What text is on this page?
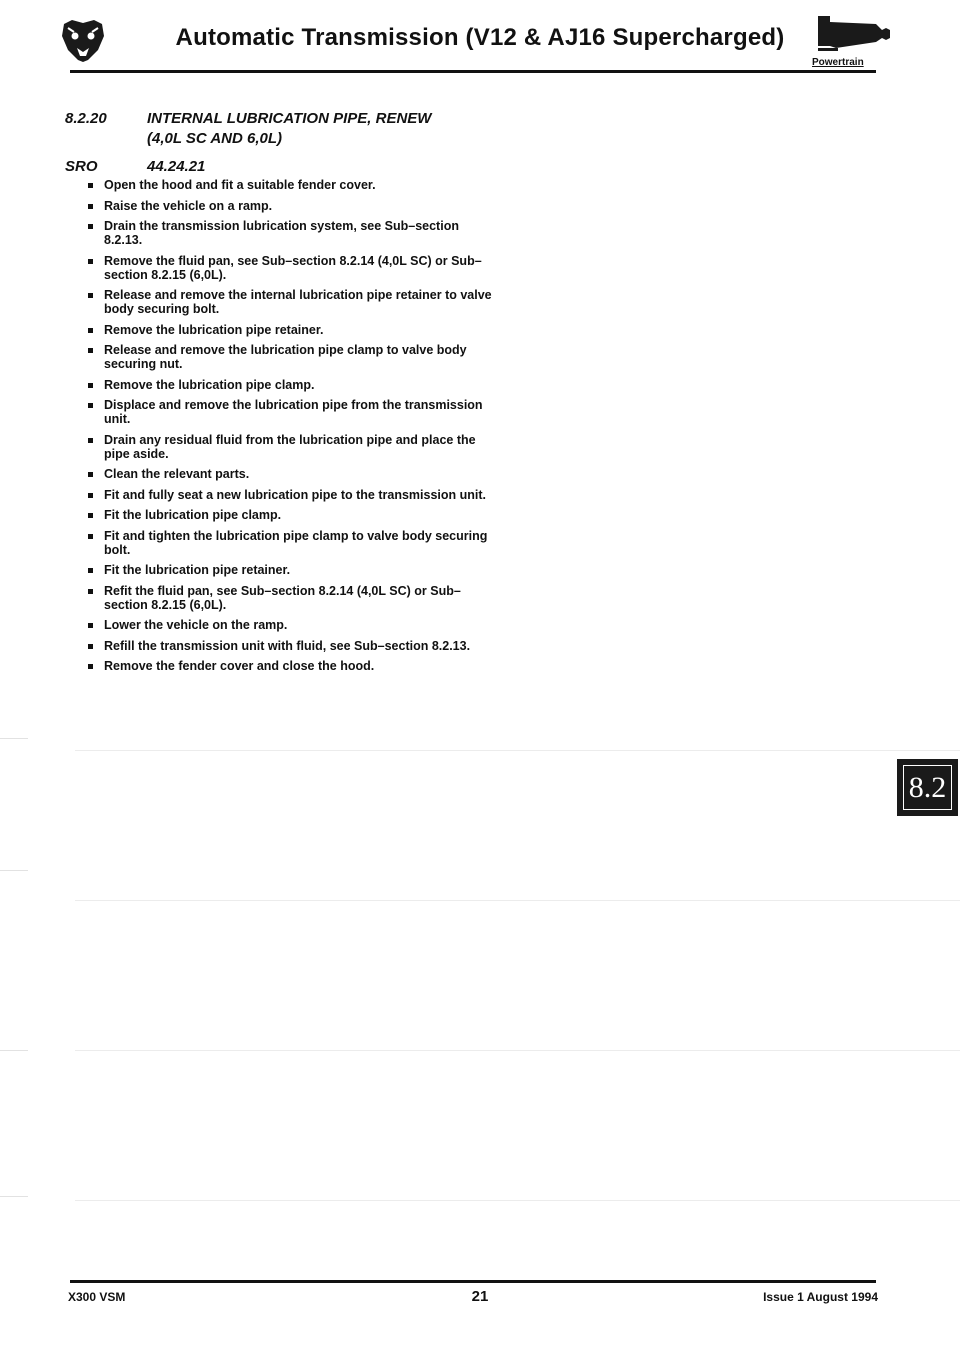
Automatic Transmission (V12 & AJ16 Supercharged)
Powertrain
8.2.20	INTERNAL LUBRICATION PIPE, RENEW
(4,0L SC AND 6,0L)
SRO	44.24.21
Open the hood and fit a suitable fender cover.
Raise the vehicle on a ramp.
Drain the transmission lubrication system, see Sub–section 8.2.13.
Remove the fluid pan, see Sub–section 8.2.14 (4,0L SC) or Sub–section 8.2.15 (6,0L).
Release and remove the internal lubrication pipe retainer to valve body securing bolt.
Remove the lubrication pipe retainer.
Release and remove the lubrication pipe clamp to valve body securing nut.
Remove the lubrication pipe clamp.
Displace and remove the lubrication pipe from the transmission unit.
Drain any residual fluid from the lubrication pipe and place the pipe aside.
Clean the relevant parts.
Fit and fully seat a new lubrication pipe to the transmission unit.
Fit the lubrication pipe clamp.
Fit and tighten the lubrication pipe clamp to valve body securing bolt.
Fit the lubrication pipe retainer.
Refit the fluid pan, see Sub–section 8.2.14 (4,0L SC) or Sub–section 8.2.15 (6,0L).
Lower the vehicle on the ramp.
Refill the transmission unit with fluid, see Sub–section 8.2.13.
Remove the fender cover and close the hood.
8.2
X300 VSM	21	Issue 1 August 1994
